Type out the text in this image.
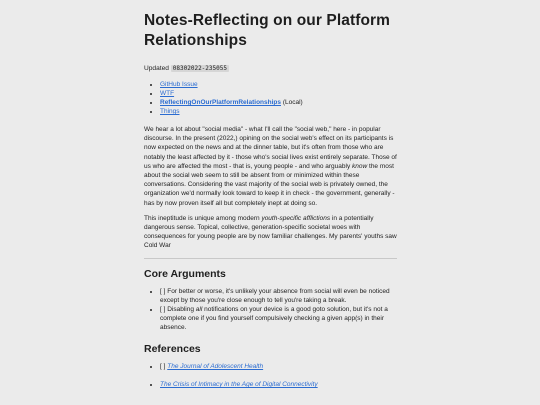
Notes-Reflecting on our Platform Relationships
Updated 08302022-235055
• GitHub Issue
• WTF
• ReflectingOnOurPlatformRelationships (Local)
• Things

We hear a lot about "social media" - what I'll call the "social web," here - in popular discourse. In the present (2022,) opining on the social web's effect on its participants is now expected on the news and at the dinner table, but it's often from those who are notably the least affected by it - those who's social lives exist entirely separate. Those of us who are affected the most - that is, young people - and who arguably know the most about the social web seem to still be absent from or minimized within these conversations. Considering the vast majority of the social web is privately owned, the organization we'd normally look toward to keep it in check - the government, generally - has by now proven itself all but completely inept at doing so.

This ineptitude is unique among modern youth-specific afflictions in a potentially dangerous sense. Topical, collective, generation-specific societal woes with consequences for young people are by now familiar challenges. My parents' youths saw Cold War

Core Arguments
• [ ] For better or worse, it's unlikely your absence from social will even be noticed except by those you're close enough to tell you're taking a break.
• [ ] Disabling all notifications on your device is a good goto solution, but it's not a complete one if you find yourself compulsively checking a given app(s) in their absence.
References
• [ ] The Journal of Adolescent Health
• The Crisis of Intimacy in the Age of Digital Connectivity
